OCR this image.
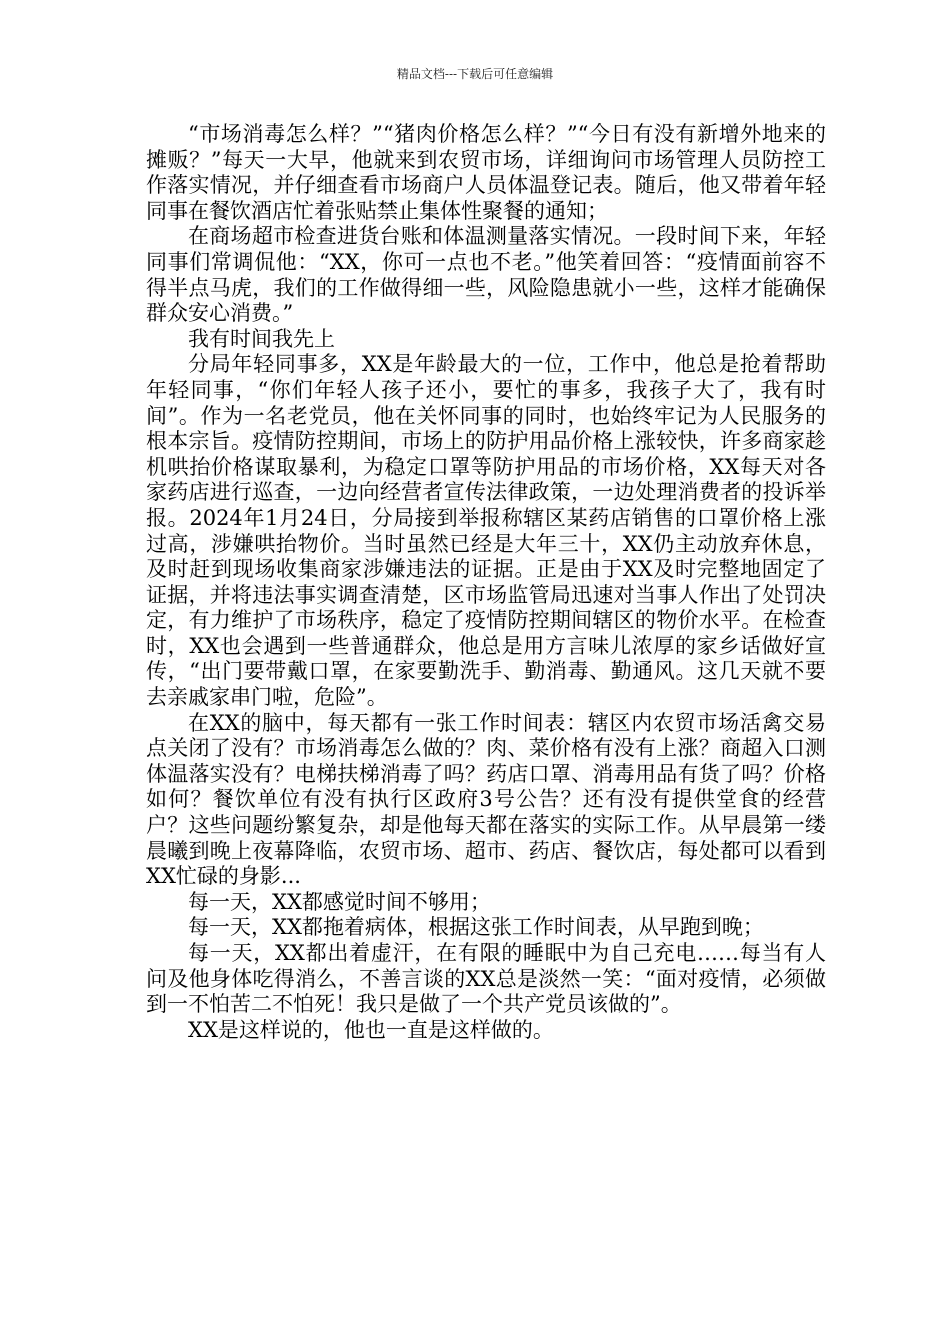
精品文档---下载后可任意编辑

“市场消毒怎么样？”“猪肉价格怎么样？”“今日有没有新增外地来的摊贩？”每天一大早，他就来到农贸市场，详细询问市场管理人员防控工作落实情况，并仔细查看市场商户人员体温登记表。随后，他又带着年轻同事在餐饮酒店忙着张贴禁止集体性聚餐的通知；

在商场超市检查进货台账和体温测量落实情况。一段时间下来，年轻同事们常调侃他：“XX，你可一点也不老。”他笑着回答：“疫情面前容不得半点马虎，我们的工作做得细一些，风险隐患就小一些，这样才能确保群众安心消费。”

我有时间我先上

分局年轻同事多，XX是年龄最大的一位，工作中，他总是抢着帮助年轻同事，“你们年轻人孩子还小，要忙的事多，我孩子大了，我有时间”。作为一名老党员，他在关怀同事的同时，也始终牢记为人民服务的根本宗旨。疫情防控期间，市场上的防护用品价格上涨较快，许多商家趁机哄抬价格谋取暴利，为稳定口罩等防护用品的市场价格，XX每天对各家药店进行巡查，一边向经营者宣传法律政策，一边处理消费者的投诉举报。2024年1月24日，分局接到举报称辖区某药店销售的口罩价格上涨过高，涉嫌哄抬物价。当时虽然已经是大年三十，XX仍主动放弃休息，及时赶到现场收集商家涉嫌违法的证据。正是由于XX及时完整地固定了证据，并将违法事实调查清楚，区市场监管局迅速对当事人作出了处罚决定，有力维护了市场秩序，稳定了疫情防控期间辖区的物价水平。在检查时，XX也会遇到一些普通群众，他总是用方言味儿浓厚的家乡话做好宣传，“出门要带戴口罩，在家要勤洗手、勤消毒、勤通风。这几天就不要去亲戚家串门啦，危险”。

在XX的脑中，每天都有一张工作时间表：辖区内农贸市场活禽交易点关闭了没有？市场消毒怎么做的？肉、菜价格有没有上涨？商超入口测体温落实没有？电梯扶梯消毒了吗？药店口罩、消毒用品有货了吗？价格如何？餐饮单位有没有执行区政府3号公告？还有没有提供堂食的经营户？这些问题纷繁复杂，却是他每天都在落实的实际工作。从早晨第一缕晨曦到晚上夜幕降临，农贸市场、超市、药店、餐饮店，每处都可以看到XX忙碌的身影...

每一天，XX都感觉时间不够用；

每一天，XX都拖着病体，根据这张工作时间表，从早跑到晚；

每一天，XX都出着虚汗，在有限的睡眠中为自己充电……每当有人问及他身体吃得消么，不善言谈的XX总是淡然一笑：“面对疫情，必须做到一不怕苦二不怕死！我只是做了一个共产党员该做的”。

XX是这样说的，他也一直是这样做的。
